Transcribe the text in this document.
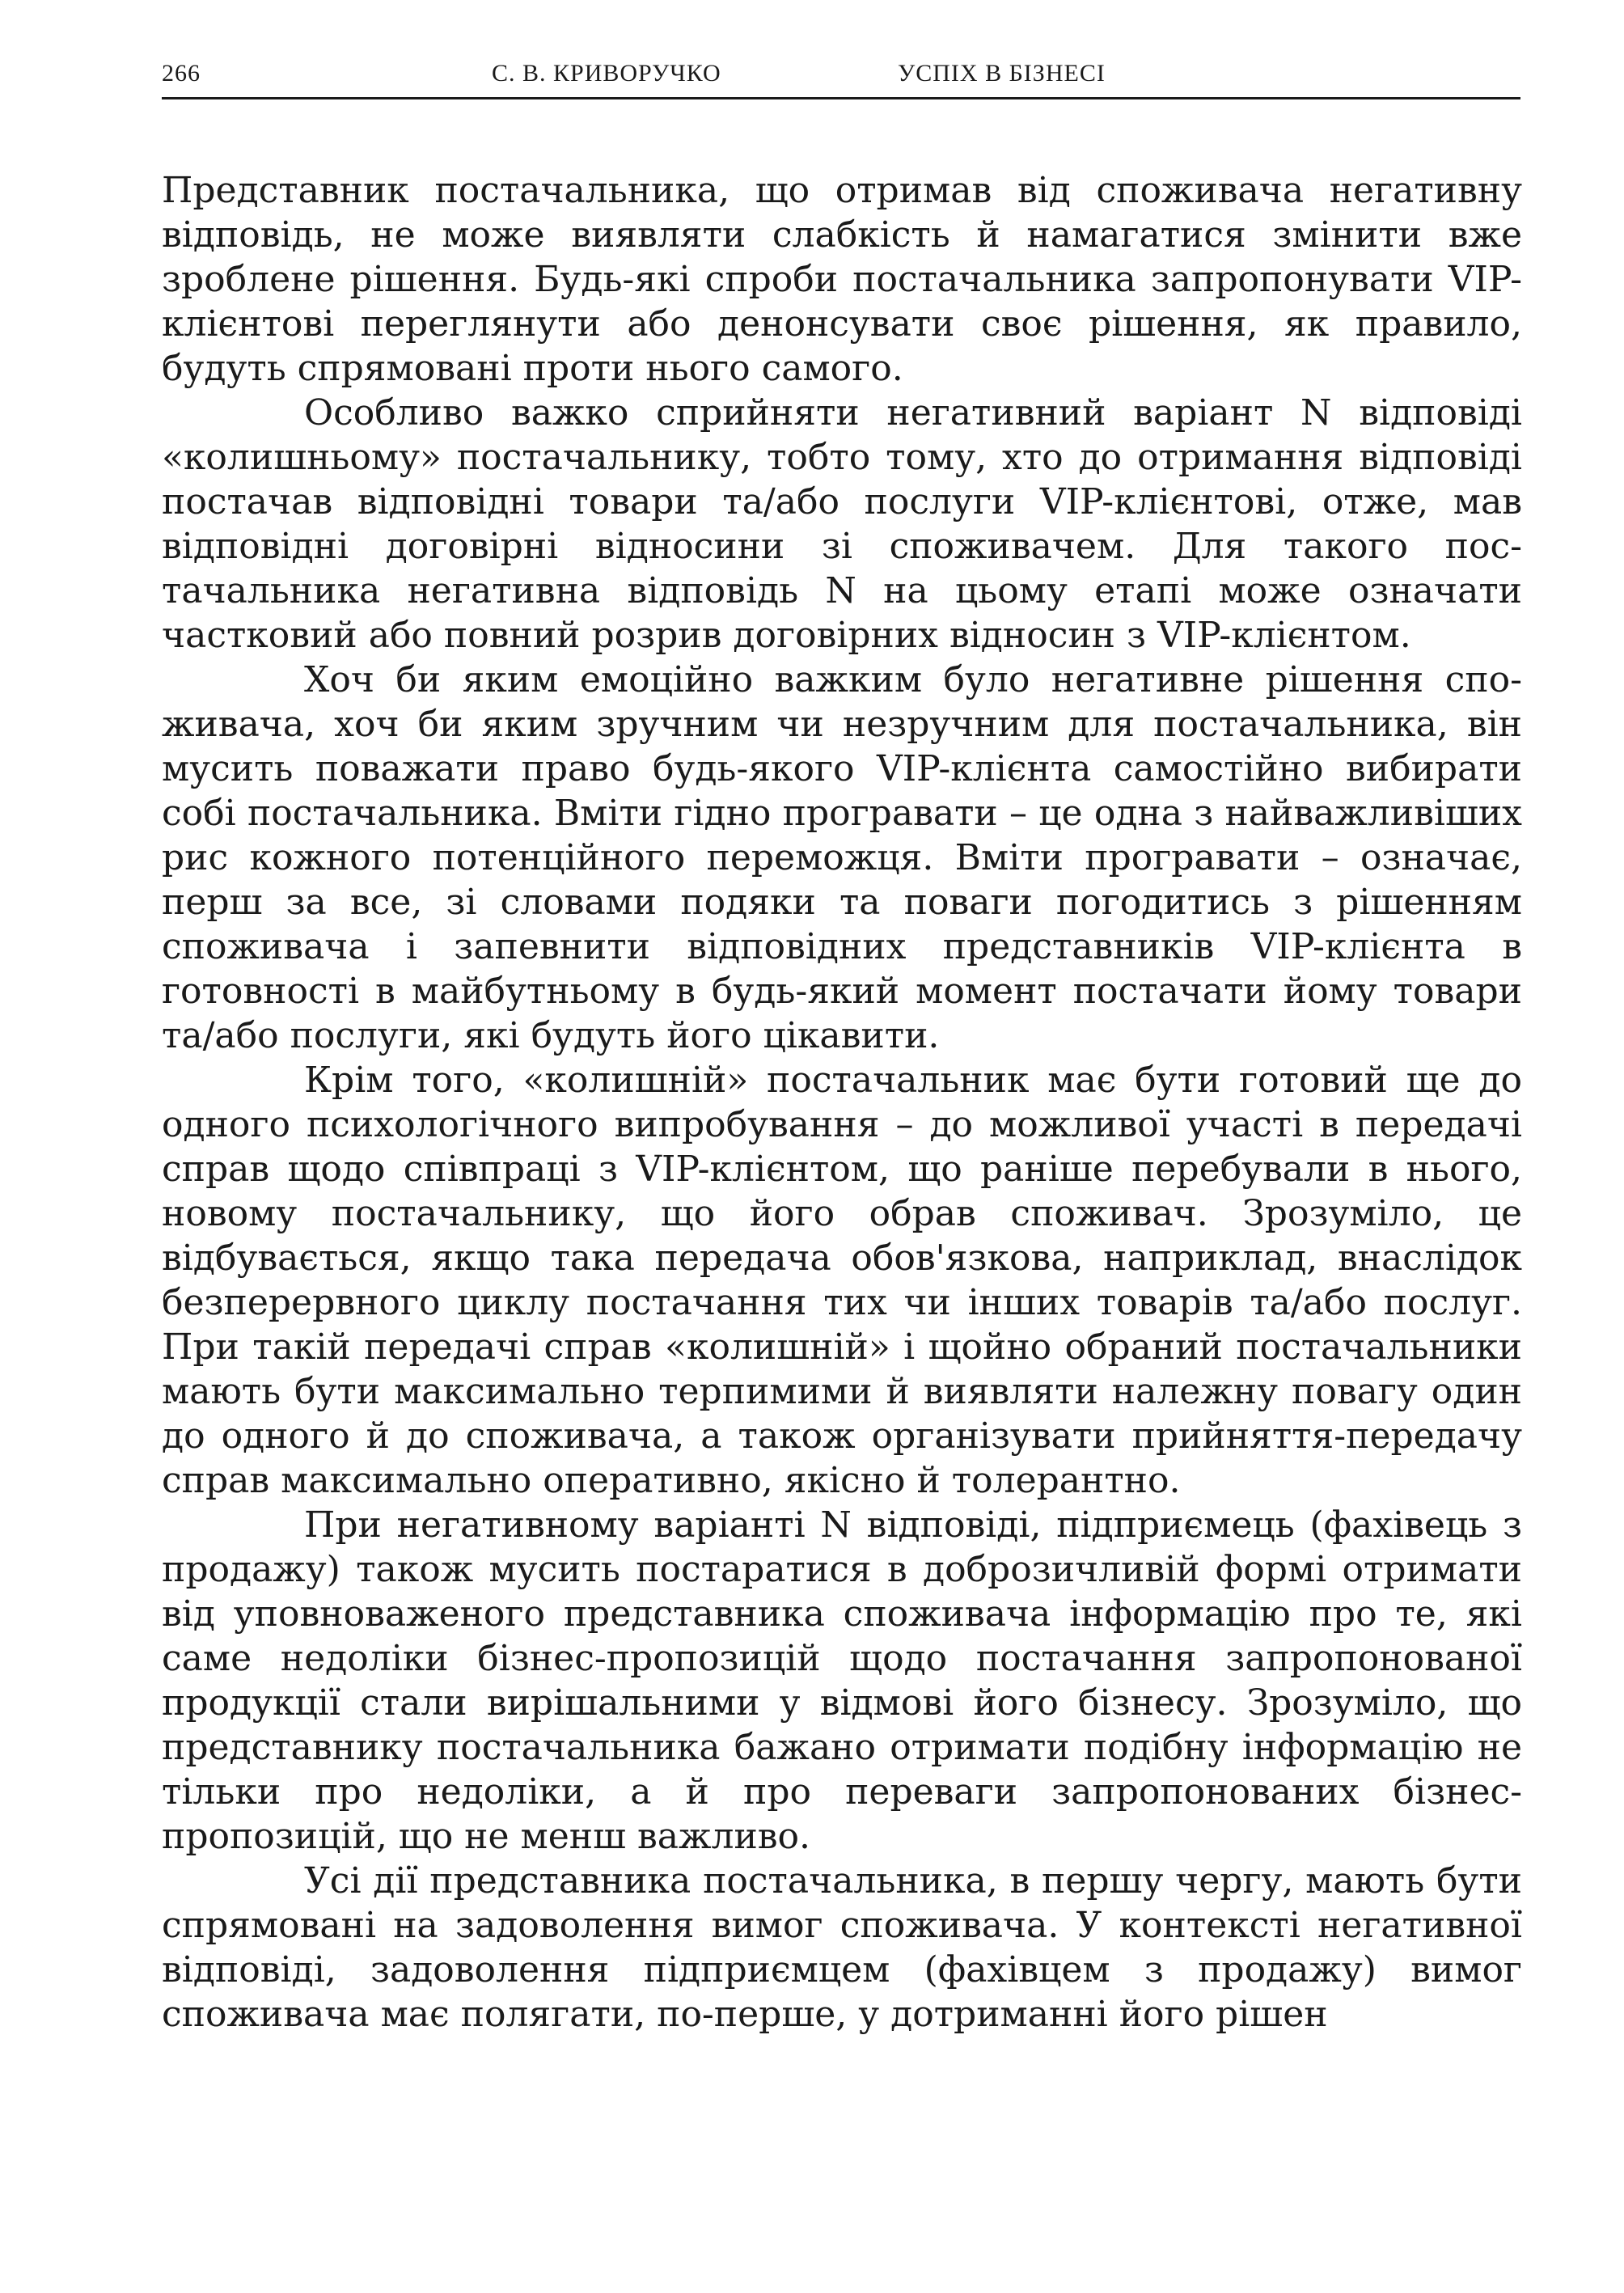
266	С. В. КРИВОРУЧКО	УСПІХ В БІЗНЕСІ

Представник постачальника, що отримав від споживача негативну відповідь, не може виявляти слабкість й намагатися змінити вже зроблене рішення. Будь-які спроби постачальника запропонувати VIP-клієнтові переглянути або денонсувати своє рішення, як правило, будуть спрямовані проти нього самого.

Особливо важко сприйняти негативний варіант N відповіді «колишньому» постачальнику, тобто тому, хто до отримання відповіді постачав відповідні товари та/або послуги VIP-клієнтові, отже, мав відповідні договірні відносини зі споживачем. Для такого постачальника негативна відповідь N на цьому етапі може означати частковий або повний розрив договірних відносин з VIP-клієнтом.

Хоч би яким емоційно важким було негативне рішення споживача, хоч би яким зручним чи незручним для постачальника, він мусить поважати право будь-якого VIP-клієнта самостійно вибирати собі постачальника. Вміти гідно програвати – це одна з найважливіших рис кожного потенційного переможця. Вміти програвати – означає, перш за все, зі словами подяки та поваги погодитись з рішенням споживача і запевнити відповідних представників VIP-клієнта в готовності в майбутньому в будь-який момент постачати йому товари та/або послуги, які будуть його цікавити.

Крім того, «колишній» постачальник має бути готовий ще до одного психологічного випробування – до можливої участі в передачі справ щодо співпраці з VIP-клієнтом, що раніше перебували в нього, новому постачальнику, що його обрав споживач. Зрозуміло, це відбувається, якщо така передача обов'язкова, наприклад, внаслідок безперервного циклу постачання тих чи інших товарів та/або послуг. При такій передачі справ «колишній» і щойно обраний постачальники мають бути максимально терпимими й виявляти належну повагу один до одного й до споживача, а також організувати прийняття-передачу справ максимально оперативно, якісно й толерантно.

При негативному варіанті N відповіді, підприємець (фахівець з продажу) також мусить постаратися в доброзичливій формі отримати від уповноваженого представника споживача інформацію про те, які саме недоліки бізнес-пропозицій щодо постачання запропонованої продукції стали вирішальними у відмові його бізнесу. Зрозуміло, що представнику постачальника бажано отримати подібну інформацію не тільки про недоліки, а й про переваги запропонованих бізнес-пропозицій, що не менш важливо.

Усі дії представника постачальника, в першу чергу, мають бути спрямовані на задоволення вимог споживача. У контексті негативної відповіді, задоволення підприємцем (фахівцем з продажу) вимог споживача має полягати, по-перше, у дотриманні його рішен
